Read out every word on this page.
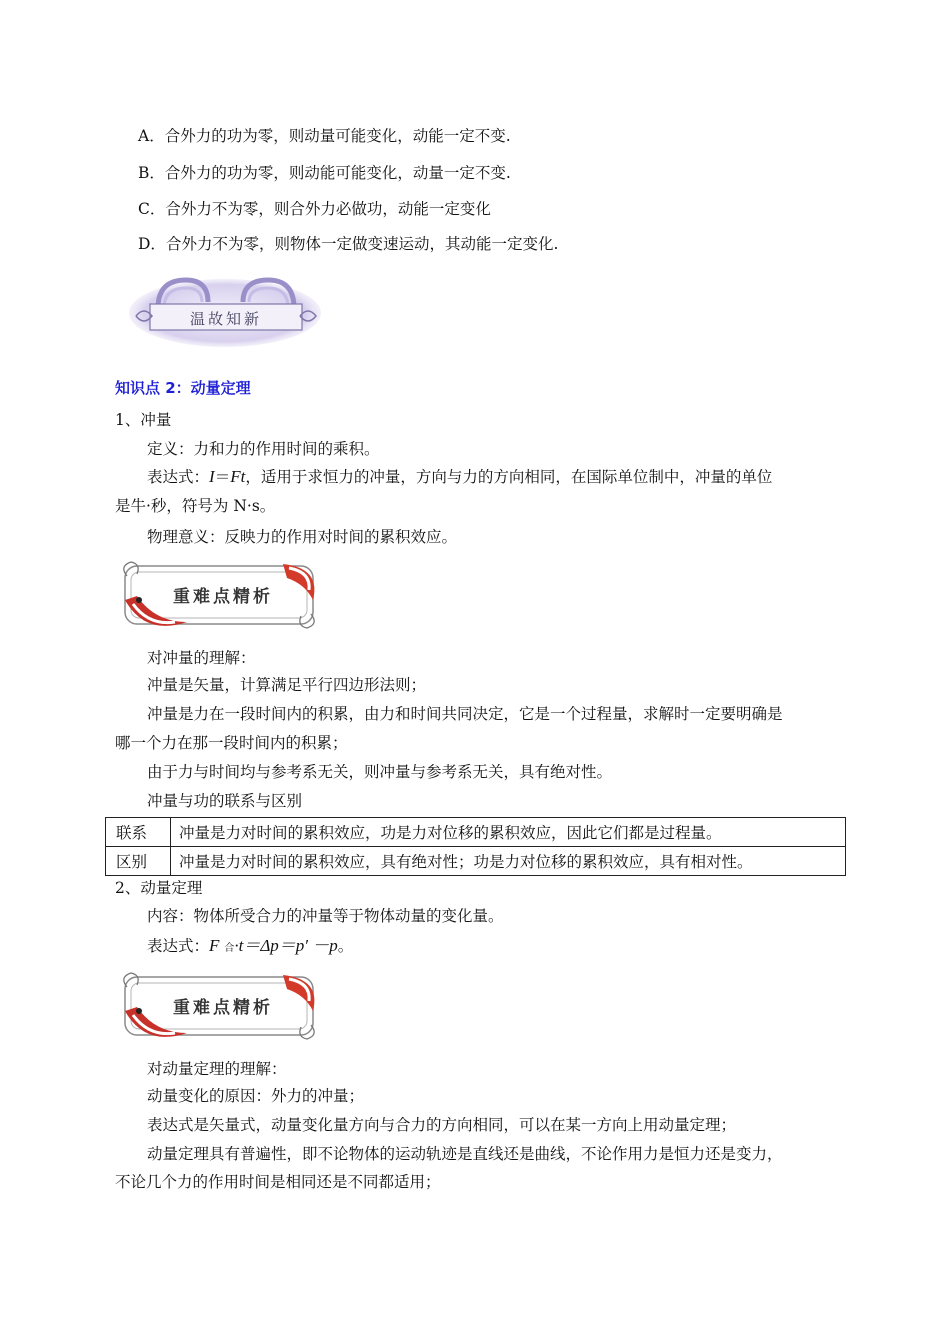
A．合外力的功为零，则动量可能变化，动能一定不变.
B．合外力的功为零，则动能可能变化，动量一定不变.
C．合外力不为零，则合外力必做功，动能一定变化
D．合外力不为零，则物体一定做变速运动，其动能一定变化.
温故知新
知识点 2：动量定理
1、冲量
定义：力和力的作用时间的乘积。
表达式：I＝Ft，适用于求恒力的冲量，方向与力的方向相同，在国际单位制中，冲量的单位
是牛·秒，符号为 N·s。
物理意义：反映力的作用对时间的累积效应。
重难点精析
对冲量的理解：
冲量是矢量，计算满足平行四边形法则；
冲量是力在一段时间内的积累，由力和时间共同决定，它是一个过程量，求解时一定要明确是
哪一个力在那一段时间内的积累；
由于力与时间均与参考系无关，则冲量与参考系无关，具有绝对性。
冲量与功的联系与区别
联系	冲量是力对时间的累积效应，功是力对位移的累积效应，因此它们都是过程量。
区别	冲量是力对时间的累积效应，具有绝对性；功是力对位移的累积效应，具有相对性。
2、动量定理
内容：物体所受合力的冲量等于物体动量的变化量。
表达式：F 合·t＝Δp＝p′ －p。
重难点精析
对动量定理的理解：
动量变化的原因：外力的冲量；
表达式是矢量式，动量变化量方向与合力的方向相同，可以在某一方向上用动量定理；
动量定理具有普遍性，即不论物体的运动轨迹是直线还是曲线，不论作用力是恒力还是变力，
不论几个力的作用时间是相同还是不同都适用；
